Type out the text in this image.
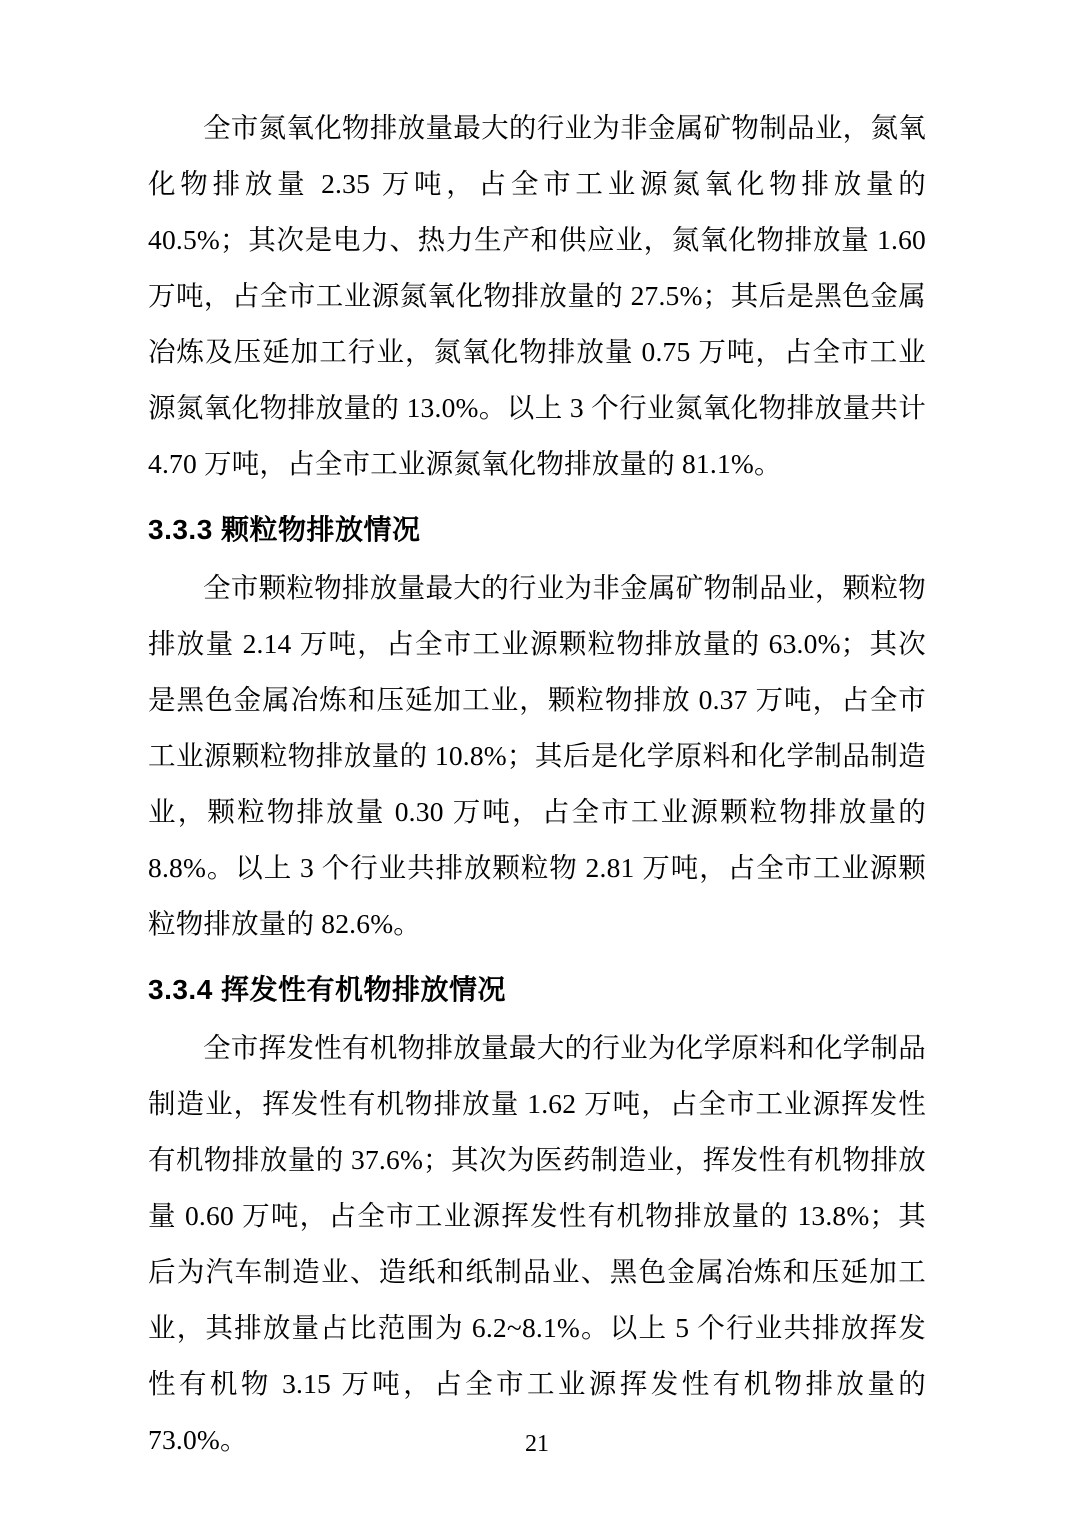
全市氮氧化物排放量最大的行业为非金属矿物制品业，氮氧化物排放量 2.35 万吨，占全市工业源氮氧化物排放量的 40.5%；其次是电力、热力生产和供应业，氮氧化物排放量 1.60 万吨，占全市工业源氮氧化物排放量的 27.5%；其后是黑色金属冶炼及压延加工行业，氮氧化物排放量 0.75 万吨，占全市工业源氮氧化物排放量的 13.0%。以上 3 个行业氮氧化物排放量共计 4.70 万吨，占全市工业源氮氧化物排放量的 81.1%。

3.3.3 颗粒物排放情况

全市颗粒物排放量最大的行业为非金属矿物制品业，颗粒物排放量 2.14 万吨，占全市工业源颗粒物排放量的 63.0%；其次是黑色金属冶炼和压延加工业，颗粒物排放 0.37 万吨，占全市工业源颗粒物排放量的 10.8%；其后是化学原料和化学制品制造业，颗粒物排放量 0.30 万吨，占全市工业源颗粒物排放量的 8.8%。以上 3 个行业共排放颗粒物 2.81 万吨，占全市工业源颗粒物排放量的 82.6%。

3.3.4 挥发性有机物排放情况

全市挥发性有机物排放量最大的行业为化学原料和化学制品制造业，挥发性有机物排放量 1.62 万吨，占全市工业源挥发性有机物排放量的 37.6%；其次为医药制造业，挥发性有机物排放量 0.60 万吨，占全市工业源挥发性有机物排放量的 13.8%；其后为汽车制造业、造纸和纸制品业、黑色金属冶炼和压延加工业，其排放量占比范围为 6.2~8.1%。以上 5 个行业共排放挥发性有机物 3.15 万吨，占全市工业源挥发性有机物排放量的 73.0%。	21
